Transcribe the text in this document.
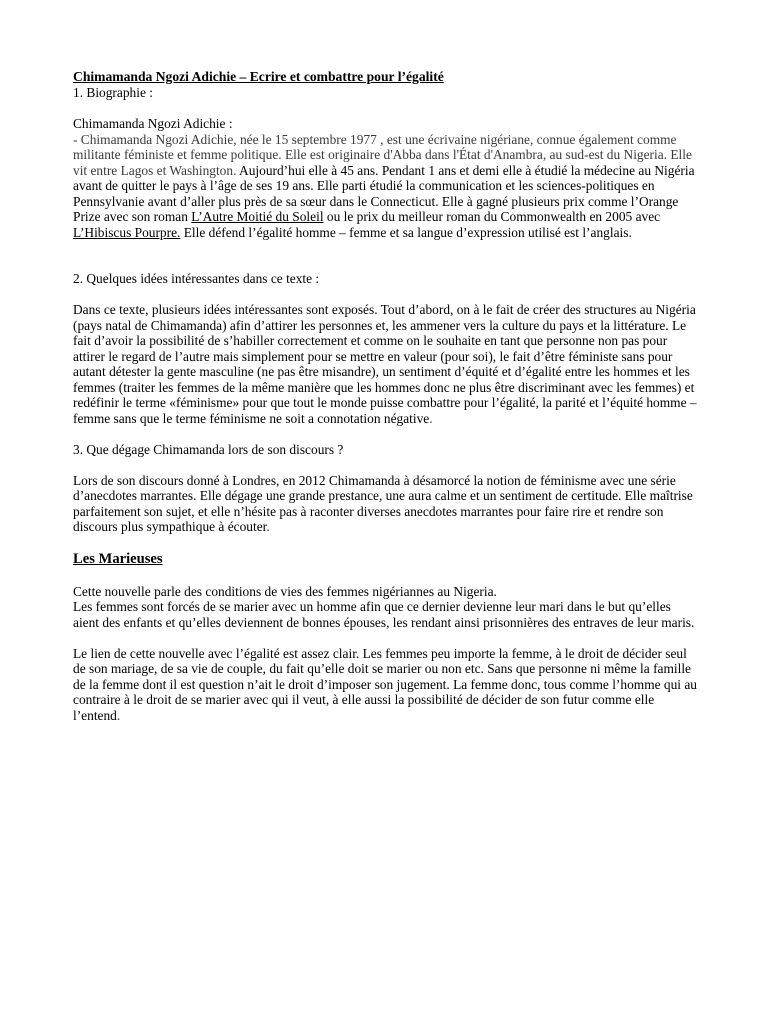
Chimamanda Ngozi Adichie – Ecrire et combattre pour l’égalité

1. Biographie :

Chimamanda Ngozi Adichie :

- Chimamanda Ngozi Adichie, née le 15 septembre 1977 , est une écrivaine nigériane, connue également comme militante féministe et femme politique. Elle est originaire d'Abba dans l'État d'Anambra, au sud-est du Nigeria. Elle vit entre Lagos et Washington. Aujourd’hui elle à 45 ans. Pendant 1 ans et demi elle à étudié la médecine au Nigéria avant de quitter le pays à l’âge de ses 19 ans. Elle parti étudié la communication et les sciences-politiques en Pennsylvanie avant d’aller plus près de sa sœur dans le Connecticut. Elle à gagné plusieurs prix comme l’Orange Prize avec son roman L’Autre Moitié du Soleil ou le prix du meilleur roman du Commonwealth en 2005 avec L’Hibiscus Pourpre. Elle défend l’égalité homme – femme et sa langue d’expression utilisé est l’anglais.

2. Quelques idées intéressantes dans ce texte :

Dans ce texte, plusieurs idées intéressantes sont exposés. Tout d’abord, on à le fait de créer des structures au Nigéria (pays natal de Chimamanda) afin d’attirer les personnes et, les ammener vers la culture du pays et la littérature. Le fait d’avoir la possibilité de s’habiller correctement et comme on le souhaite en tant que personne non pas pour attirer le regard de l’autre mais simplement pour se mettre en valeur (pour soi), le fait d’être féministe sans pour autant détester la gente masculine (ne pas être misandre), un sentiment d’équité et d’égalité entre les hommes et les femmes (traiter les femmes de la même manière que les hommes donc ne plus être discriminant avec les femmes) et redéfinir le terme «féminisme» pour que tout le monde puisse combattre pour l’égalité, la parité et l’équité homme – femme sans que le terme féminisme ne soit a connotation négative.

3. Que dégage Chimamanda lors de son discours ?

Lors de son discours donné à Londres, en 2012 Chimamanda à désamorcé la notion de féminisme avec une série d’anecdotes marrantes. Elle dégage une grande prestance, une aura calme et un sentiment de certitude. Elle maîtrise parfaitement son sujet, et elle n’hésite pas à raconter diverses anecdotes marrantes pour faire rire et rendre son discours plus sympathique à écouter.

Les Marieuses

Cette nouvelle parle des conditions de vies des femmes nigériannes au Nigeria.

Les femmes sont forcés de se marier avec un homme afin que ce dernier devienne leur mari dans le but qu’elles aient des enfants et qu’elles deviennent de bonnes épouses, les rendant ainsi prisonnières des entraves de leur maris.

Le lien de cette nouvelle avec l’égalité est assez clair. Les femmes peu importe la femme, à le droit de décider seul de son mariage, de sa vie de couple, du fait qu’elle doit se marier ou non etc. Sans que personne ni même la famille de la femme dont il est question n’ait le droit d’imposer son jugement. La femme donc, tous comme l’homme qui au contraire à le droit de se marier avec qui il veut, à elle aussi la possibilité de décider de son futur comme elle l’entend.
